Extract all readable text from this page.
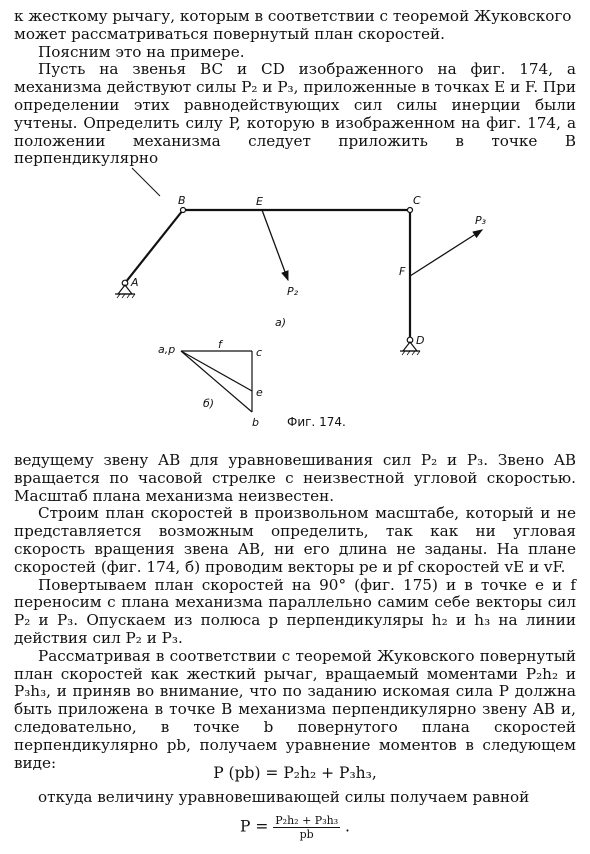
к жесткому рычагу, которым в соответствии с теоремой Жуковского

может рассматриваться повернутый план скоростей.

Поясним это на примере.

Пусть на звенья BC и CD изображенного на фиг. 174, а механизма действуют силы P₂ и P₃, приложенные в точках E и F. При определении этих равнодействующих сил силы инерции были учтены. Определить силу P, которую в изображенном на фиг. 174, а положении механизма следует приложить в точке B перпендикулярно

B	E	C
A
F
D
P₂
P₃
a)
a,p	f
c
e
b
б)
Фиг. 174.

ведущему звену AB для уравновешивания сил P₂ и P₃. Звено AB вращается по часовой стрелке с неизвестной угловой скоростью. Масштаб плана механизма неизвестен.

Строим план скоростей в произвольном масштабе, который и не представляется возможным определить, так как ни угловая скорость вращения звена AB, ни его длина не заданы. На плане скоростей (фиг. 174, б) проводим векторы pe и pf скоростей vE и vF.

Повертываем план скоростей на 90° (фиг. 175) и в точке e и f переносим с плана механизма параллельно самим себе векторы сил P₂ и P₃. Опускаем из полюса p перпендикуляры h₂ и h₃ на линии действия сил P₂ и P₃.

Рассматривая в соответствии с теоремой Жуковского повернутый план скоростей как жесткий рычаг, вращаемый моментами P₂h₂ и P₃h₃, и приняв во внимание, что по заданию искомая сила P должна быть приложена в точке B механизма перпендикулярно звену AB и, следовательно, в точке b повернутого плана скоростей перпендикулярно pb, получаем уравнение моментов в следующем виде:

P (pb) = P₂h₂ + P₃h₃,

откуда величину уравновешивающей силы получаем равной

$P = \frac{\text{P₂h₂ + P₃h₃}}{pb}$ .
